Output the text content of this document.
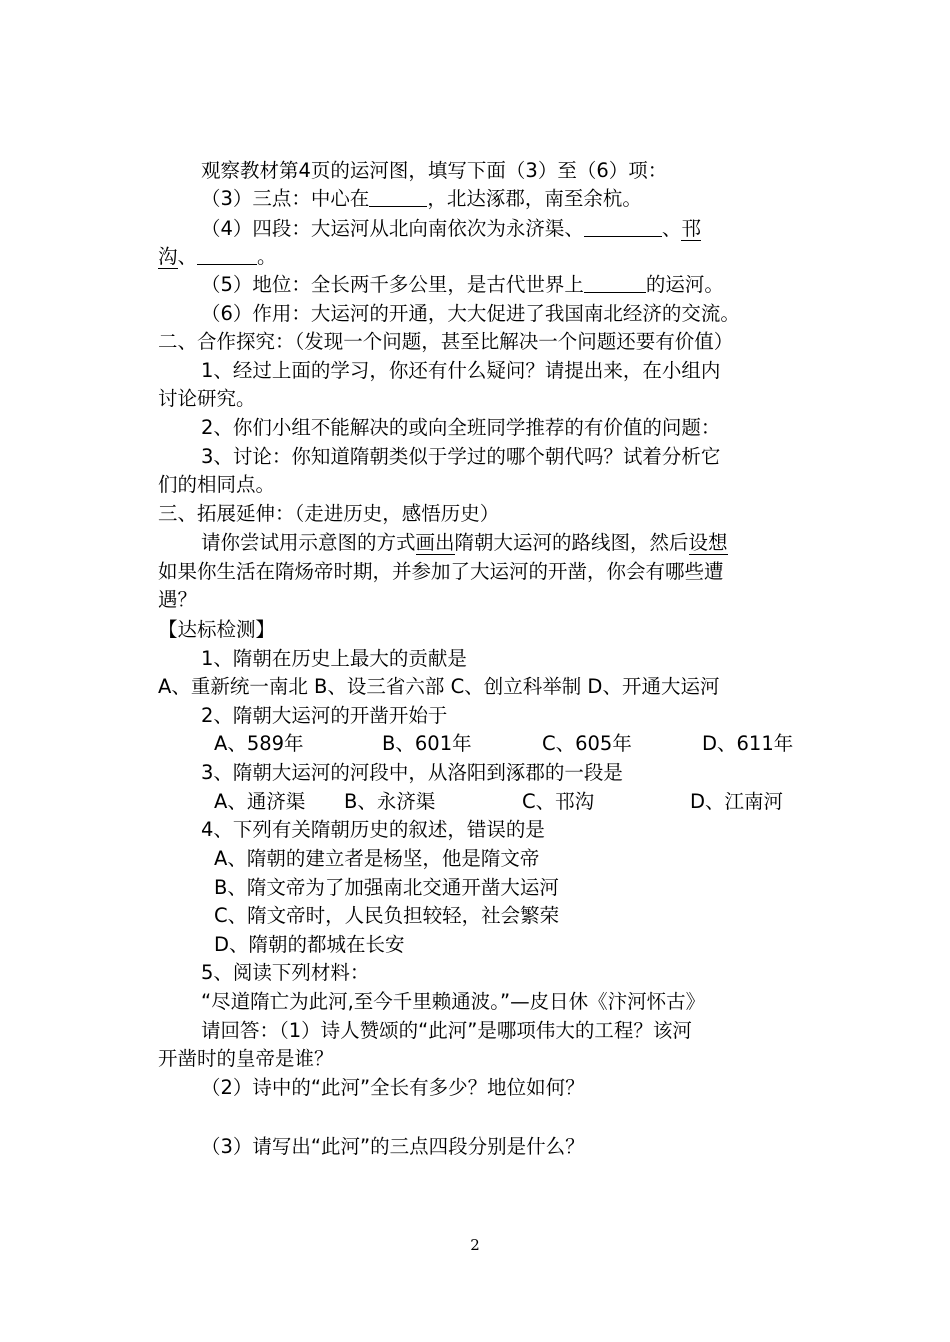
观察教材第4页的运河图，填写下面（3）至（6）项：
（3）三点：中心在	，北达涿郡，南至余杭。
（4）四段：大运河从北向南依次为永济渠、	、邗
沟、	。
（5）地位：全长两千多公里，是古代世界上	的运河。
（6）作用：大运河的开通，大大促进了我国南北经济的交流。
二、合作探究：（发现一个问题，甚至比解决一个问题还要有价值）
1、经过上面的学习，你还有什么疑问？请提出来，在小组内
讨论研究。
2、你们小组不能解决的或向全班同学推荐的有价值的问题：
3、讨论：你知道隋朝类似于学过的哪个朝代吗？试着分析它
们的相同点。
三、拓展延伸：（走进历史，感悟历史）
请你尝试用示意图的方式画出隋朝大运河的路线图，然后设想
如果你生活在隋炀帝时期，并参加了大运河的开凿，你会有哪些遭
遇？
【达标检测】
1、隋朝在历史上最大的贡献是
A、重新统一南北 B、设三省六部 C、创立科举制 D、开通大运河
2、隋朝大运河的开凿开始于
A、589年	B、601年	C、605年	D、611年
3、隋朝大运河的河段中，从洛阳到涿郡的一段是
A、通济渠 B、永济渠	C、邗沟	D、江南河
4、下列有关隋朝历史的叙述，错误的是
A、隋朝的建立者是杨坚，他是隋文帝
B、隋文帝为了加强南北交通开凿大运河
C、隋文帝时，人民负担较轻，社会繁荣
D、隋朝的都城在长安
5、阅读下列材料：
“尽道隋亡为此河,至今千里赖通波。”—皮日休《汴河怀古》
请回答：（1）诗人赞颂的“此河”是哪项伟大的工程？该河
开凿时的皇帝是谁？
（2）诗中的“此河”全长有多少？地位如何？
（3）请写出“此河”的三点四段分别是什么？
2
